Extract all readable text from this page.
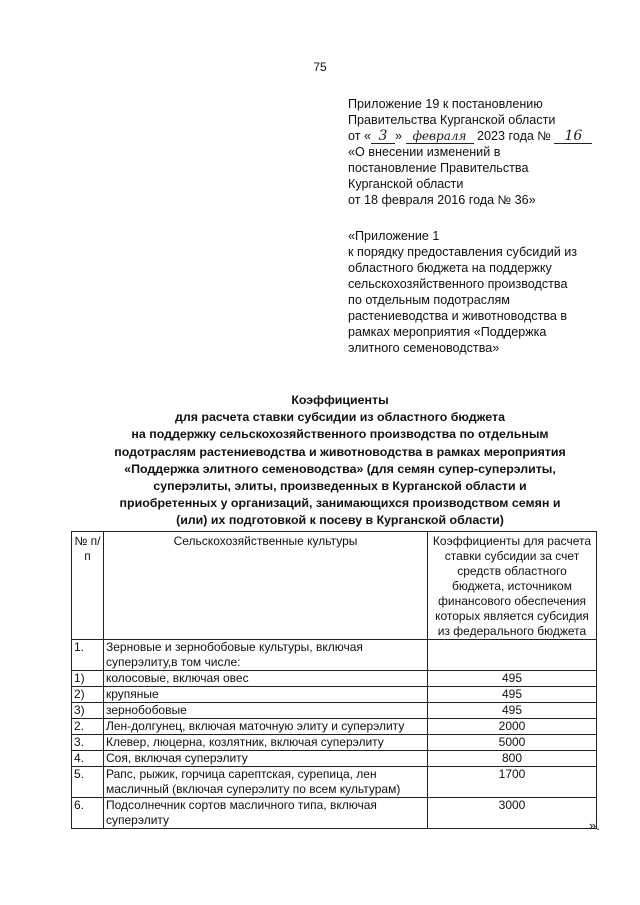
75
Приложение 19 к постановлению
Правительства Курганской области
от « 3 » февраля 2023 года № 16
«О внесении изменений в
постановление Правительства
Курганской области
от 18 февраля 2016 года № 36»
«Приложение 1
к порядку предоставления субсидий из
областного бюджета на поддержку
сельскохозяйственного производства
по отдельным подотраслям
растениеводства и животноводства в
рамках мероприятия «Поддержка
элитного семеноводства»
Коэффициенты
для расчета ставки субсидии из областного бюджета
на поддержку сельскохозяйственного производства по отдельным
подотраслям растениеводства и животноводства в рамках мероприятия
«Поддержка элитного семеноводства» (для семян супер-суперэлиты,
суперэлиты, элиты, произведенных в Курганской области и
приобретенных у организаций, занимающихся производством семян и
(или) их подготовкой к посеву в Курганской области)
№ п/п	Сельскохозяйственные культуры	Коэффициенты для расчета ставки субсидии за счет средств областного бюджета, источником финансового обеспечения которых является субсидия из федерального бюджета
1.	Зерновые и зернобобовые культуры, включая суперэлиту,в том числе:	
1)	колосовые, включая овес	495
2)	крупяные	495
3)	зернобобовые	495
2.	Лен-долгунец, включая маточную элиту и суперэлиту	2000
3.	Клевер, люцерна, козлятник, включая суперэлиту	5000
4.	Соя, включая суперэлиту	800
5.	Рапс, рыжик, горчица сарептская, сурепица, лен масличный (включая суперэлиту по всем культурам)	1700
6.	Подсолнечник сортов масличного типа, включая суперэлиту	3000
».
